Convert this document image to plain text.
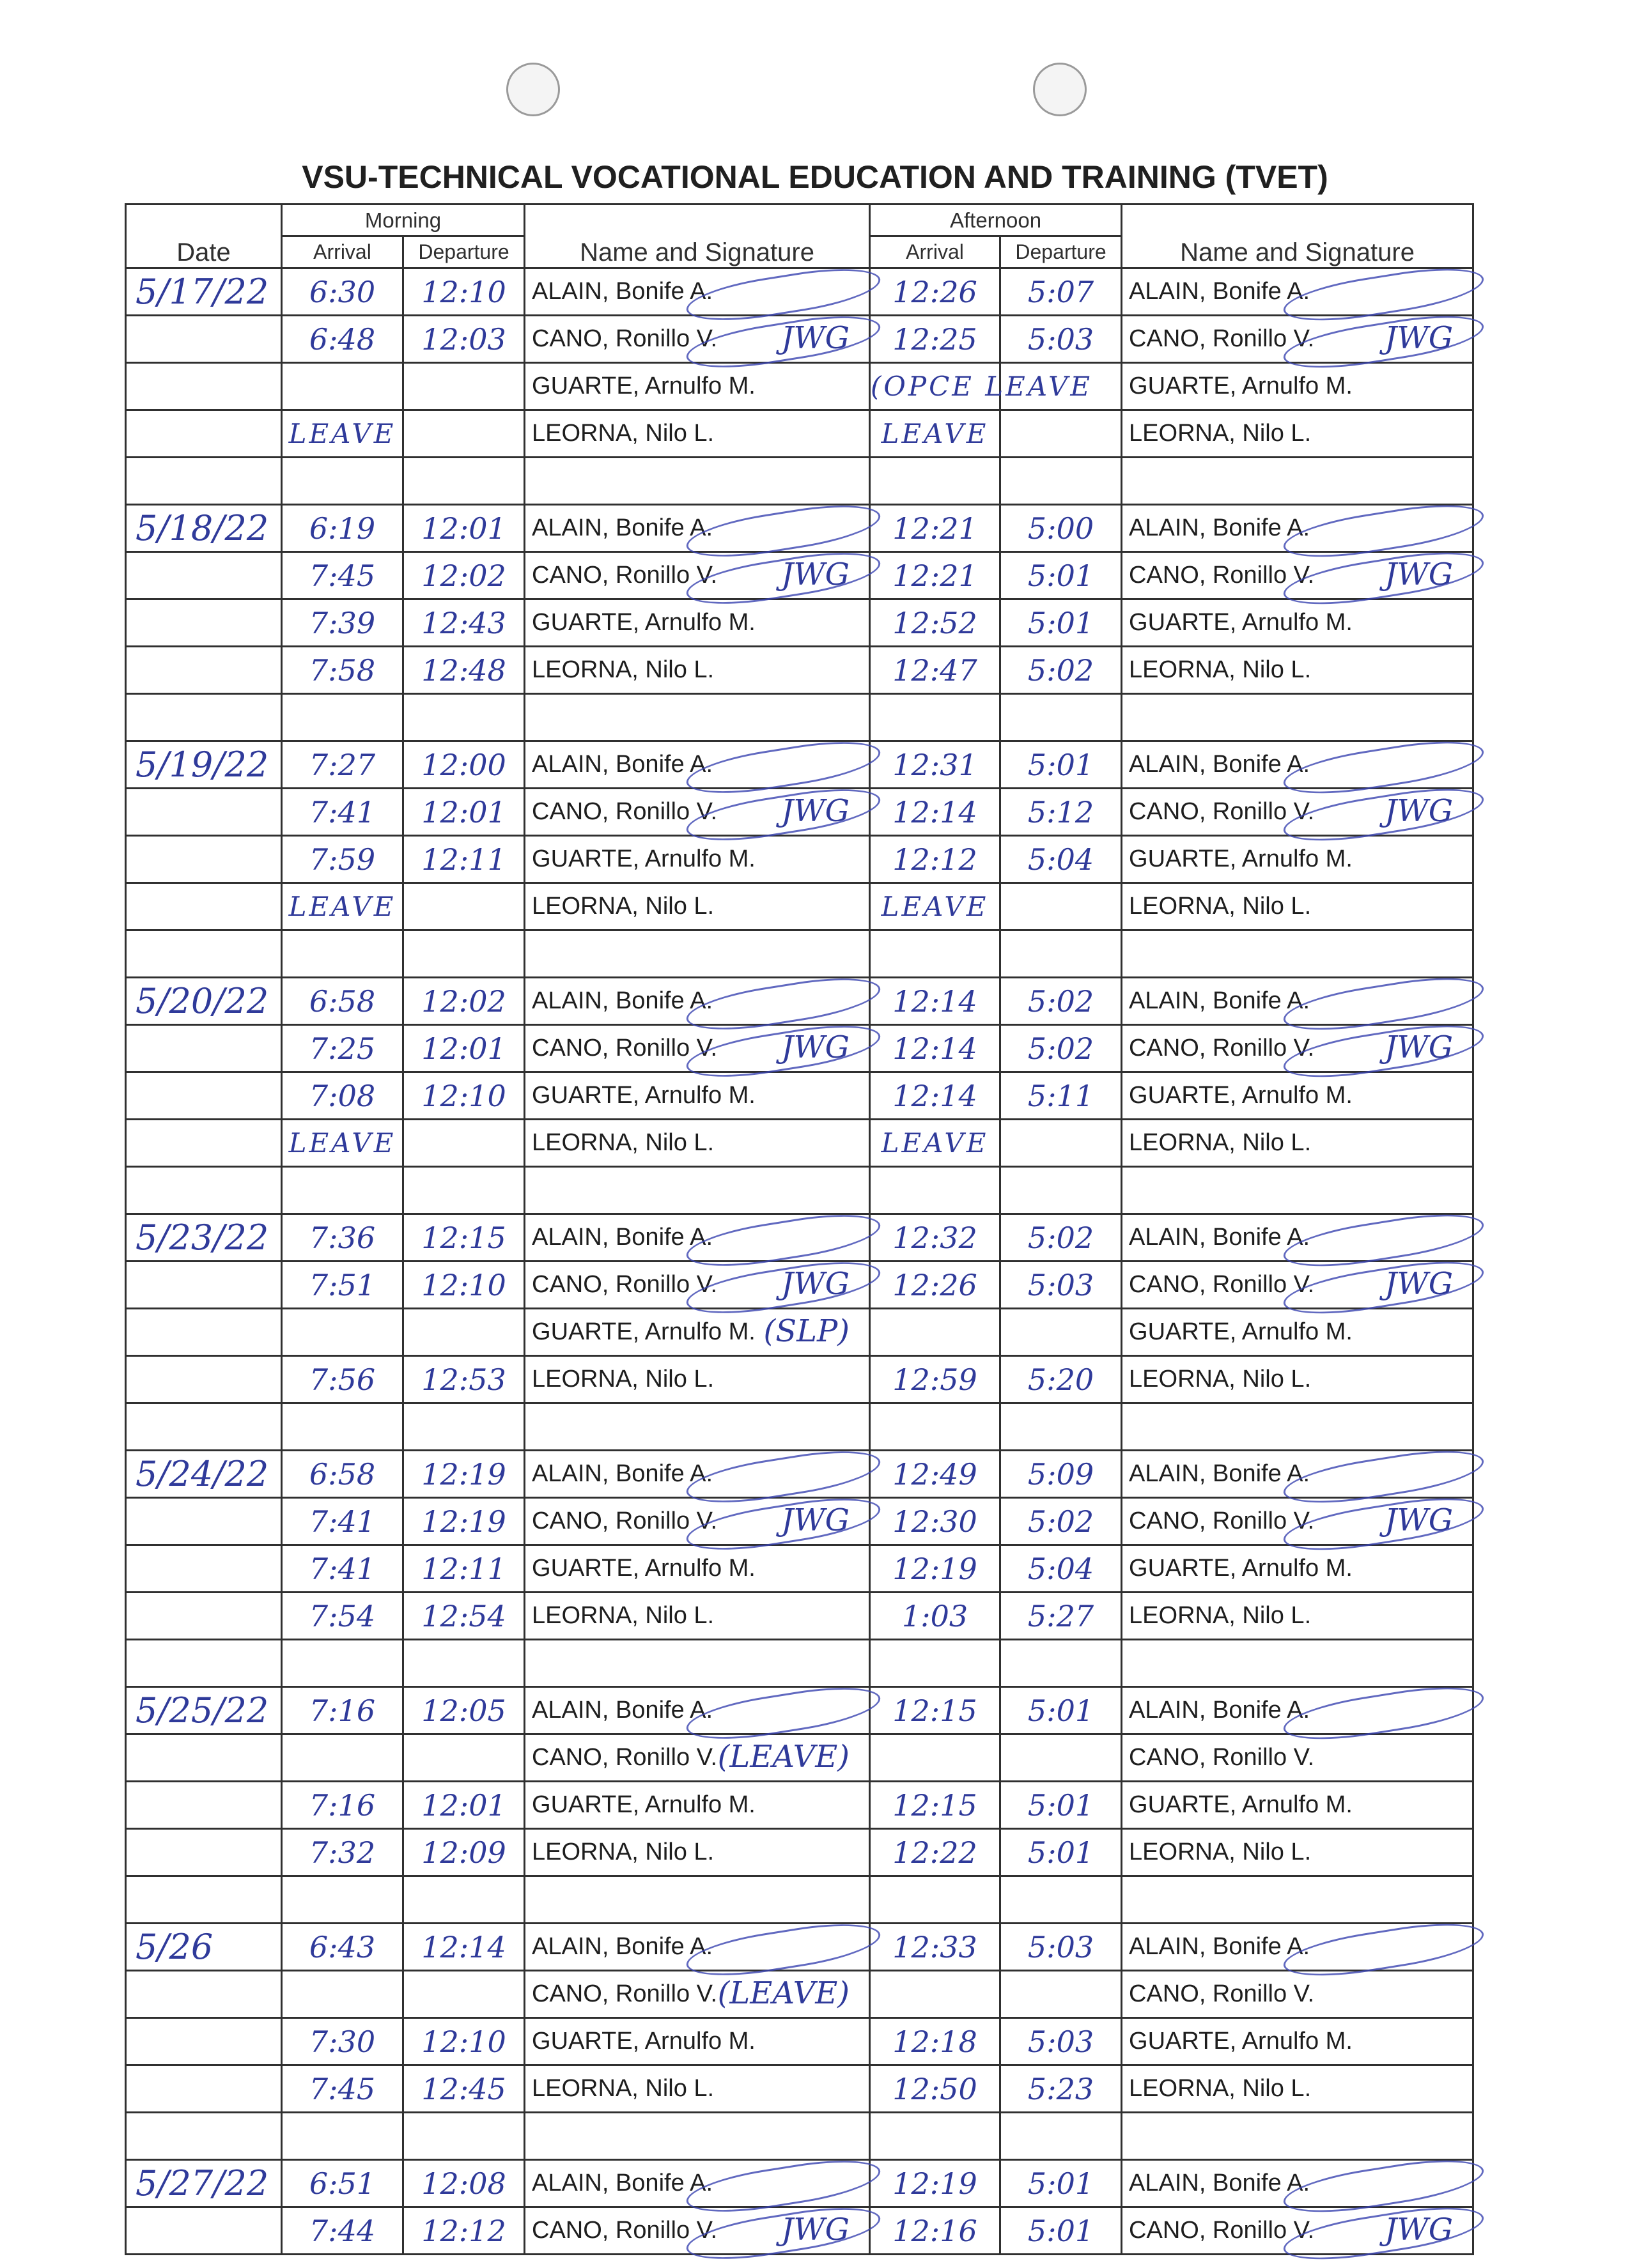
VSU-TECHNICAL VOCATIONAL EDUCATION AND TRAINING (TVET)
Date	Morning		Name and Signature	Afternoon		Name and Signature
	Arrival	Departure		Arrival	Departure	
5/17/22	6:30	12:10	ALAIN, Bonife A.	12:26	5:07	ALAIN, Bonife A.

	6:48	12:03	CANO, Ronillo V. JWG	12:25	5:03	CANO, Ronillo V. JWG

			GUARTE, Arnulfo M.	(OPCE LEAVE		GUARTE, Arnulfo M.

	LEAVE		LEORNA, Nilo L.	LEAVE		LEORNA, Nilo L.

5/18/22	6:19	12:01	ALAIN, Bonife A.	12:21	5:00	ALAIN, Bonife A.

	7:45	12:02	CANO, Ronillo V. JWG	12:21	5:01	CANO, Ronillo V. JWG

	7:39	12:43	GUARTE, Arnulfo M.	12:52	5:01	GUARTE, Arnulfo M.

	7:58	12:48	LEORNA, Nilo L.	12:47	5:02	LEORNA, Nilo L.

5/19/22	7:27	12:00	ALAIN, Bonife A.	12:31	5:01	ALAIN, Bonife A.

	7:41	12:01	CANO, Ronillo V. JWG	12:14	5:12	CANO, Ronillo V. JWG

	7:59	12:11	GUARTE, Arnulfo M.	12:12	5:04	GUARTE, Arnulfo M.

	LEAVE		LEORNA, Nilo L.	LEAVE		LEORNA, Nilo L.

5/20/22	6:58	12:02	ALAIN, Bonife A.	12:14	5:02	ALAIN, Bonife A.

	7:25	12:01	CANO, Ronillo V. JWG	12:14	5:02	CANO, Ronillo V. JWG

	7:08	12:10	GUARTE, Arnulfo M.	12:14	5:11	GUARTE, Arnulfo M.

	LEAVE		LEORNA, Nilo L.	LEAVE		LEORNA, Nilo L.

5/23/22	7:36	12:15	ALAIN, Bonife A.	12:32	5:02	ALAIN, Bonife A.

	7:51	12:10	CANO, Ronillo V. JWG	12:26	5:03	CANO, Ronillo V. JWG

			GUARTE, Arnulfo M. (SLP)			GUARTE, Arnulfo M.

	7:56	12:53	LEORNA, Nilo L.	12:59	5:20	LEORNA, Nilo L.

5/24/22	6:58	12:19	ALAIN, Bonife A.	12:49	5:09	ALAIN, Bonife A.

	7:41	12:19	CANO, Ronillo V. JWG	12:30	5:02	CANO, Ronillo V. JWG

	7:41	12:11	GUARTE, Arnulfo M.	12:19	5:04	GUARTE, Arnulfo M.

	7:54	12:54	LEORNA, Nilo L.	1:03	5:27	LEORNA, Nilo L.

5/25/22	7:16	12:05	ALAIN, Bonife A.	12:15	5:01	ALAIN, Bonife A.

			CANO, Ronillo V. (LEAVE)			CANO, Ronillo V.

	7:16	12:01	GUARTE, Arnulfo M.	12:15	5:01	GUARTE, Arnulfo M.

	7:32	12:09	LEORNA, Nilo L.	12:22	5:01	LEORNA, Nilo L.

5/26	6:43	12:14	ALAIN, Bonife A.	12:33	5:03	ALAIN, Bonife A.

			CANO, Ronillo V. (LEAVE)			CANO, Ronillo V.

	7:30	12:10	GUARTE, Arnulfo M.	12:18	5:03	GUARTE, Arnulfo M.

	7:45	12:45	LEORNA, Nilo L.	12:50	5:23	LEORNA, Nilo L.

5/27/22	6:51	12:08	ALAIN, Bonife A.	12:19	5:01	ALAIN, Bonife A.

	7:44	12:12	CANO, Ronillo V. JWG	12:16	5:01	CANO, Ronillo V. JWG
